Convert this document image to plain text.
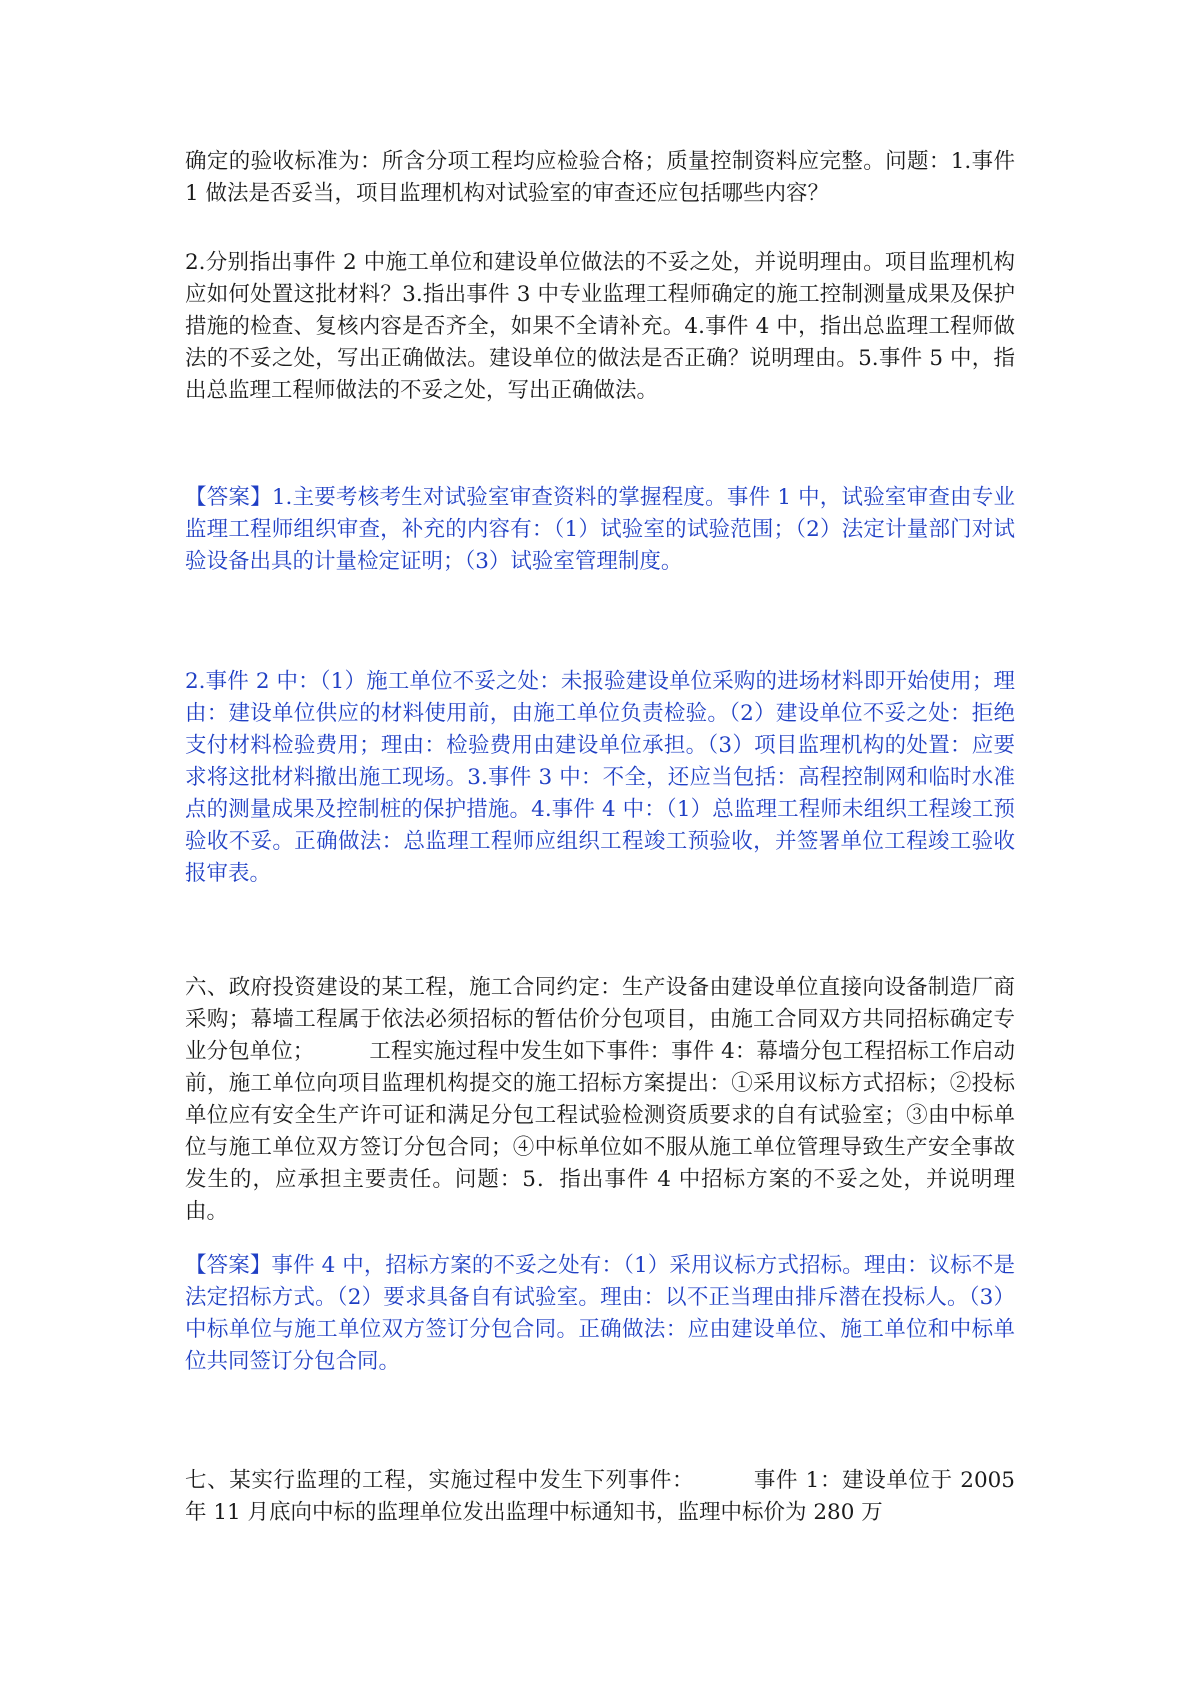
确定的验收标准为：所含分项工程均应检验合格；质量控制资料应完整。问题：1.事件 1 做法是否妥当，项目监理机构对试验室的审查还应包括哪些内容？

2.分别指出事件 2 中施工单位和建设单位做法的不妥之处，并说明理由。项目监理机构应如何处置这批材料？3.指出事件 3 中专业监理工程师确定的施工控制测量成果及保护措施的检查、复核内容是否齐全，如果不全请补充。4.事件 4 中，指出总监理工程师做法的不妥之处，写出正确做法。建设单位的做法是否正确？说明理由。5.事件 5 中，指出总监理工程师做法的不妥之处，写出正确做法。

【答案】1.主要考核考生对试验室审查资料的掌握程度。事件 1 中，试验室审查由专业监理工程师组织审查，补充的内容有：（1）试验室的试验范围；（2）法定计量部门对试验设备出具的计量检定证明；（3）试验室管理制度。

2.事件 2 中：（1）施工单位不妥之处：未报验建设单位采购的进场材料即开始使用；理由：建设单位供应的材料使用前，由施工单位负责检验。（2）建设单位不妥之处：拒绝支付材料检验费用；理由：检验费用由建设单位承担。（3）项目监理机构的处置：应要求将这批材料撤出施工现场。3.事件 3 中：不全，还应当包括：高程控制网和临时水准点的测量成果及控制桩的保护措施。4.事件 4 中：（1）总监理工程师未组织工程竣工预验收不妥。正确做法：总监理工程师应组织工程竣工预验收，并签署单位工程竣工验收报审表。

六、政府投资建设的某工程，施工合同约定：生产设备由建设单位直接向设备制造厂商采购；幕墙工程属于依法必须招标的暂估价分包项目，由施工合同双方共同招标确定专业分包单位；        工程实施过程中发生如下事件：事件 4：幕墙分包工程招标工作启动前，施工单位向项目监理机构提交的施工招标方案提出：①采用议标方式招标；②投标单位应有安全生产许可证和满足分包工程试验检测资质要求的自有试验室；③由中标单位与施工单位双方签订分包合同；④中标单位如不服从施工单位管理导致生产安全事故发生的，应承担主要责任。问题：5．指出事件 4 中招标方案的不妥之处，并说明理由。

【答案】事件 4 中，招标方案的不妥之处有：（1）采用议标方式招标。理由：议标不是法定招标方式。（2）要求具备自有试验室。理由：以不正当理由排斥潜在投标人。（3）中标单位与施工单位双方签订分包合同。正确做法：应由建设单位、施工单位和中标单位共同签订分包合同。

七、某实行监理的工程，实施过程中发生下列事件：        事件 1：建设单位于 2005 年 11 月底向中标的监理单位发出监理中标通知书，监理中标价为 280 万
